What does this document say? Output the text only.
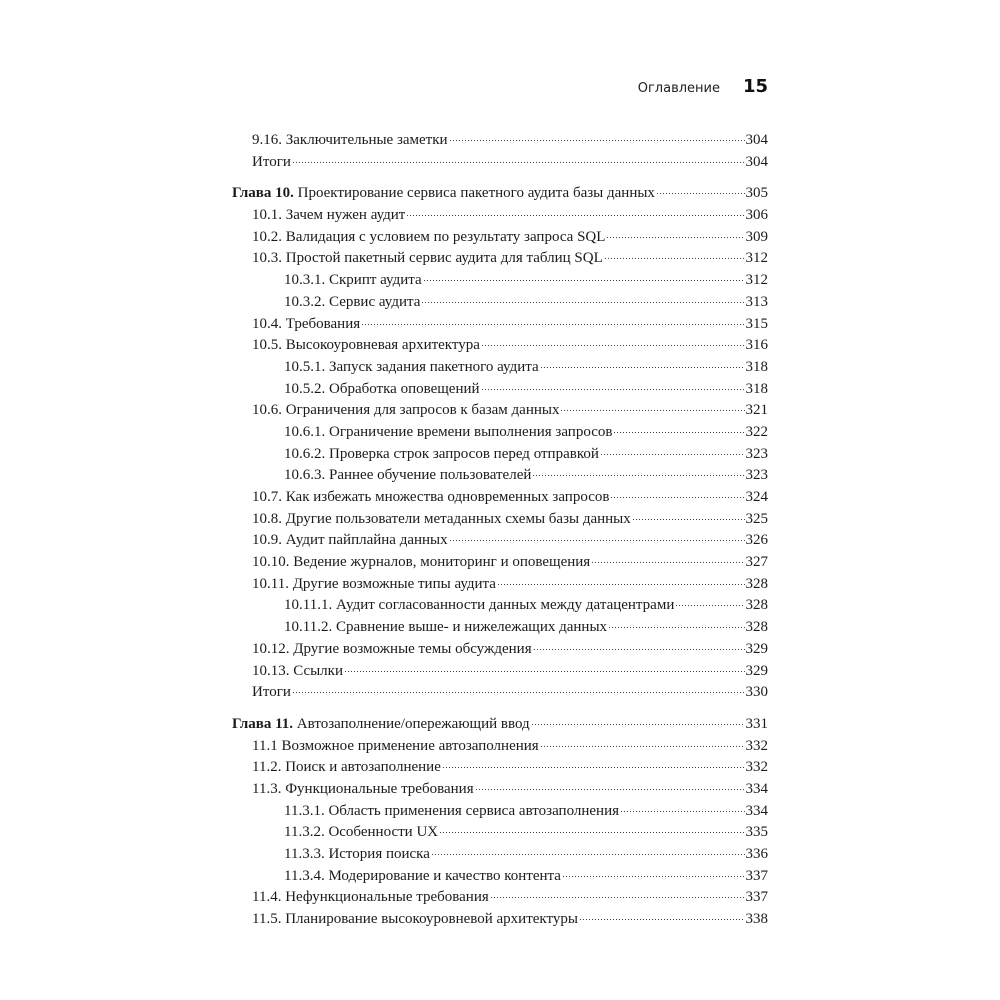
Оглавление 15
9.16. Заключительные заметки	304
Итоги	304
Глава 10. Проектирование сервиса пакетного аудита базы данных	305
10.1. Зачем нужен аудит	306
10.2. Валидация с условием по результату запроса SQL	309
10.3. Простой пакетный сервис аудита для таблиц SQL	312
10.3.1. Скрипт аудита	312
10.3.2. Сервис аудита	313
10.4. Требования	315
10.5. Высокоуровневая архитектура	316
10.5.1. Запуск задания пакетного аудита	318
10.5.2. Обработка оповещений	318
10.6. Ограничения для запросов к базам данных	321
10.6.1. Ограничение времени выполнения запросов	322
10.6.2. Проверка строк запросов перед отправкой	323
10.6.3. Раннее обучение пользователей	323
10.7. Как избежать множества одновременных запросов	324
10.8. Другие пользователи метаданных схемы базы данных	325
10.9. Аудит пайплайна данных	326
10.10. Ведение журналов, мониторинг и оповещения	327
10.11. Другие возможные типы аудита	328
10.11.1. Аудит согласованности данных между датацентрами	328
10.11.2. Сравнение выше- и нижележащих данных	328
10.12. Другие возможные темы обсуждения	329
10.13. Ссылки	329
Итоги	330
Глава 11. Автозаполнение/опережающий ввод	331
11.1 Возможное применение автозаполнения	332
11.2. Поиск и автозаполнение	332
11.3. Функциональные требования	334
11.3.1. Область применения сервиса автозаполнения	334
11.3.2. Особенности UX	335
11.3.3. История поиска	336
11.3.4. Модерирование и качество контента	337
11.4. Нефункциональные требования	337
11.5. Планирование высокоуровневой архитектуры	338
